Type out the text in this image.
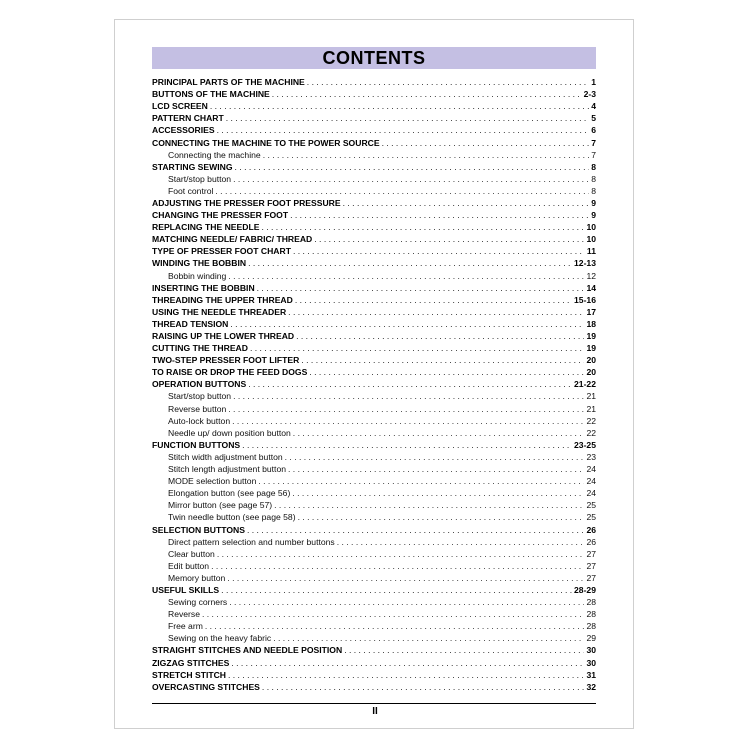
CONTENTS
PRINCIPAL PARTS OF THE MACHINE . . .	1
BUTTONS OF THE MACHINE . . .	2-3
LCD SCREEN . . .	4
PATTERN CHART . . .	5
ACCESSORIES . . .	6
CONNECTING THE MACHINE TO THE POWER SOURCE . . .	7
Connecting the machine . . .	7
STARTING SEWING . . .	8
Start/stop button . . .	8
Foot control . . .	8
ADJUSTING THE PRESSER FOOT PRESSURE . . .	9
CHANGING THE PRESSER FOOT . . .	9
REPLACING THE NEEDLE . . .	10
MATCHING NEEDLE/ FABRIC/ THREAD . . .	10
TYPE OF PRESSER FOOT CHART . . .	11
WINDING THE BOBBIN . . .	12-13
Bobbin winding . . .	12
INSERTING THE BOBBIN . . .	14
THREADING THE UPPER THREAD . . .	15-16
USING THE NEEDLE THREADER . . .	17
THREAD TENSION . . .	18
RAISING UP THE LOWER THREAD . . .	19
CUTTING THE THREAD . . .	19
TWO-STEP PRESSER FOOT LIFTER . . .	20
TO RAISE OR DROP THE FEED DOGS . . .	20
OPERATION BUTTONS . . .	21-22
Start/stop button . . .	21
Reverse button . . .	21
Auto-lock button . . .	22
Needle up/ down position button . . .	22
FUNCTION BUTTONS . . .	23-25
Stitch width adjustment button . . .	23
Stitch length adjustment button . . .	24
MODE selection button . . .	24
Elongation button (see page 56) . . .	24
Mirror button (see page 57) . . .	25
Twin needle button (see page 58) . . .	25
SELECTION BUTTONS . . .	26
Direct pattern selection and number buttons . . .	26
Clear button . . .	27
Edit button . . .	27
Memory button . . .	27
USEFUL SKILLS . . .	28-29
Sewing corners . . .	28
Reverse . . .	28
Free arm . . .	28
Sewing on the heavy fabric . . .	29
STRAIGHT STITCHES AND NEEDLE POSITION . . .	30
ZIGZAG STITCHES . . .	30
STRETCH STITCH . . .	31
OVERCASTING STITCHES . . .	32
II
